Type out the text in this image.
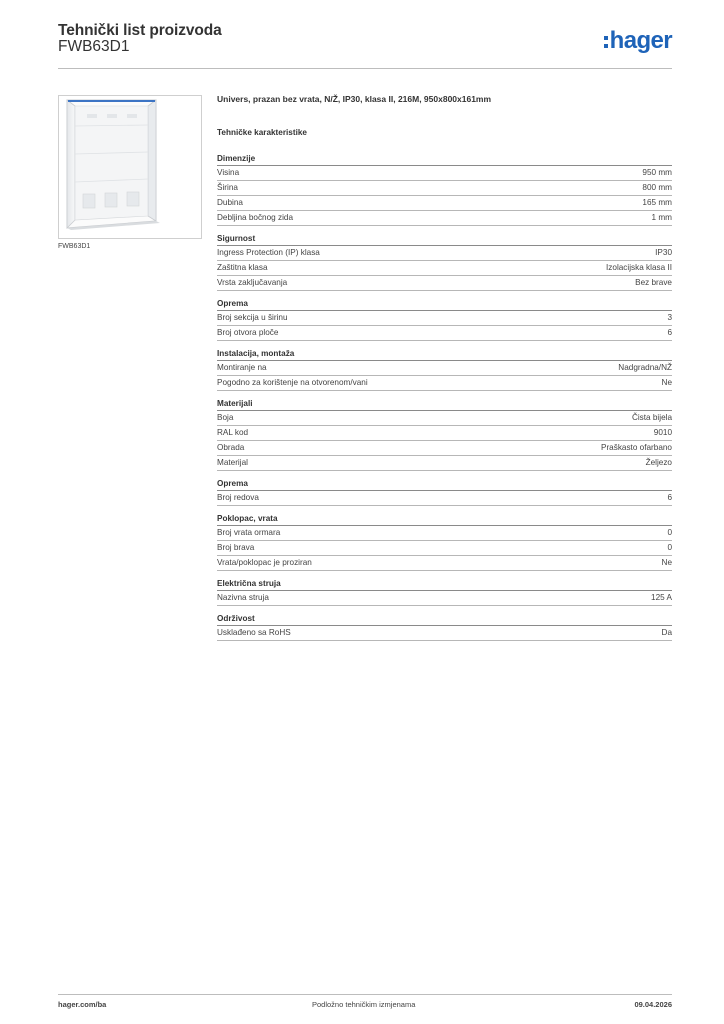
Tehnički list proizvoda
FWB63D1	hager
FWB63D1
Univers, prazan bez vrata, N/Ž, IP30, klasa II, 216M, 950x800x161mm
Tehničke karakteristike
Dimenzije
Visina	950 mm
Širina	800 mm
Dubina	165 mm
Debljina bočnog zida	1 mm
Sigurnost
Ingress Protection (IP) klasa	IP30
Zaštitna klasa	Izolacijska klasa II
Vrsta zaključavanja	Bez brave
Oprema
Broj sekcija u širinu	3
Broj otvora ploče	6
Instalacija, montaža
Montiranje na	Nadgradna/NŽ
Pogodno za korištenje na otvorenom/vani	Ne
Materijali
Boja	Čista bijela
RAL kod	9010
Obrada	Praškasto ofarbano
Materijal	Željezo
Oprema
Broj redova	6
Poklopac, vrata
Broj vrata ormara	0
Broj brava	0
Vrata/poklopac je proziran	Ne
Električna struja
Nazivna struja	125 A
Održivost
Usklađeno sa RoHS	Da
hager.com/ba	Podložno tehničkim izmjenama	09.04.2026
